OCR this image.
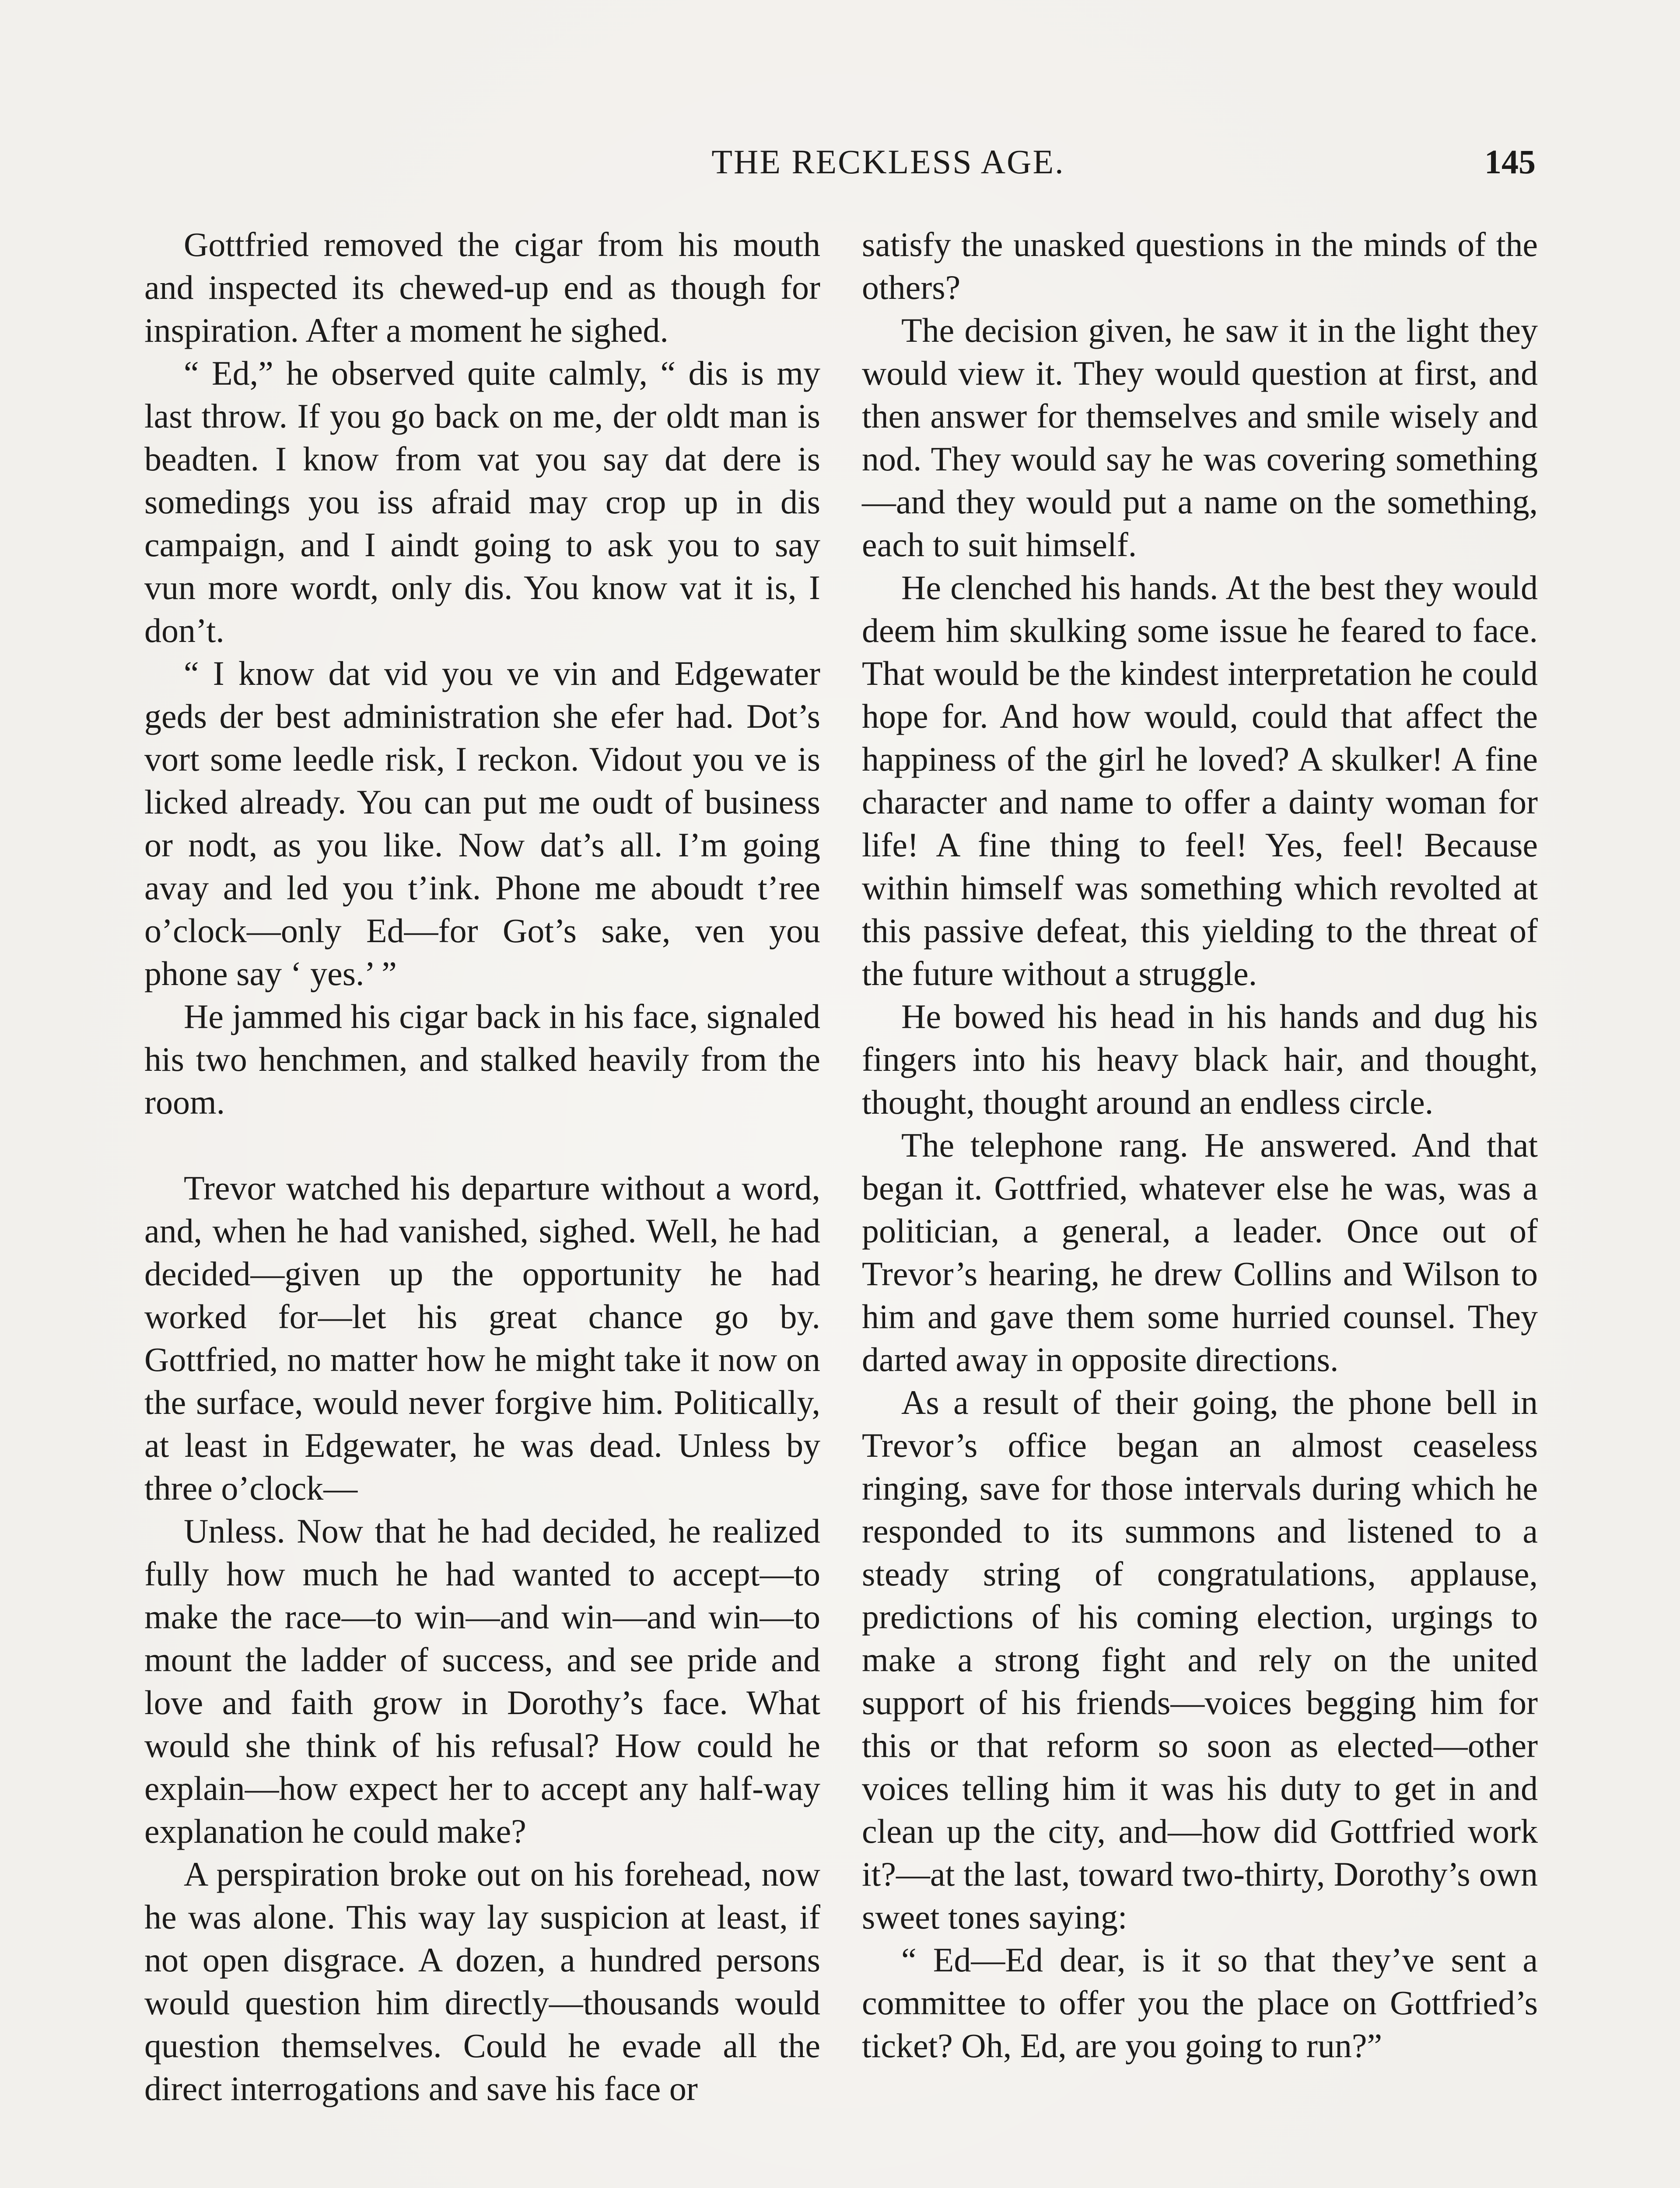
THE RECKLESS AGE.	145

Gottfried removed the cigar from his mouth and inspected its chewed-up end as though for inspiration. After a moment he sighed.

“ Ed,” he observed quite calmly, “ dis is my last throw. If you go back on me, der oldt man is beadten. I know from vat you say dat dere is somedings you iss afraid may crop up in dis campaign, and I aindt going to ask you to say vun more wordt, only dis. You know vat it is, I don’t.

“ I know dat vid you ve vin and Edgewater geds der best administration she efer had. Dot’s vort some leedle risk, I reckon. Vidout you ve is licked already. You can put me oudt of business or nodt, as you like. Now dat’s all. I’m going avay and led you t’ink. Phone me aboudt t’ree o’clock—only Ed—for Got’s sake, ven you phone say ‘ yes.’ ”

He jammed his cigar back in his face, signaled his two henchmen, and stalked heavily from the room.

Trevor watched his departure without a word, and, when he had vanished, sighed. Well, he had decided—given up the opportunity he had worked for—let his great chance go by. Gottfried, no matter how he might take it now on the surface, would never forgive him. Politically, at least in Edgewater, he was dead. Unless by three o’clock—

Unless. Now that he had decided, he realized fully how much he had wanted to accept—to make the race—to win—and win—and win—to mount the ladder of success, and see pride and love and faith grow in Dorothy’s face. What would she think of his refusal? How could he explain—how expect her to accept any half-way explanation he could make?

A perspiration broke out on his forehead, now he was alone. This way lay suspicion at least, if not open disgrace. A dozen, a hundred persons would question him directly—thousands would question themselves. Could he evade all the direct interrogations and save his face or

satisfy the unasked questions in the minds of the others?

The decision given, he saw it in the light they would view it. They would question at first, and then answer for themselves and smile wisely and nod. They would say he was covering something—and they would put a name on the something, each to suit himself.

He clenched his hands. At the best they would deem him skulking some issue he feared to face. That would be the kindest interpretation he could hope for. And how would, could that affect the happiness of the girl he loved? A skulker! A fine character and name to offer a dainty woman for life! A fine thing to feel! Yes, feel! Because within himself was something which revolted at this passive defeat, this yielding to the threat of the future without a struggle.

He bowed his head in his hands and dug his fingers into his heavy black hair, and thought, thought, thought around an endless circle.

The telephone rang. He answered. And that began it. Gottfried, whatever else he was, was a politician, a general, a leader. Once out of Trevor’s hearing, he drew Collins and Wilson to him and gave them some hurried counsel. They darted away in opposite directions.

As a result of their going, the phone bell in Trevor’s office began an almost ceaseless ringing, save for those intervals during which he responded to its summons and listened to a steady string of congratulations, applause, predictions of his coming election, urgings to make a strong fight and rely on the united support of his friends—voices begging him for this or that reform so soon as elected—other voices telling him it was his duty to get in and clean up the city, and—how did Gottfried work it?—at the last, toward two-thirty, Dorothy’s own sweet tones saying:

“ Ed—Ed dear, is it so that they’ve sent a committee to offer you the place on Gottfried’s ticket? Oh, Ed, are you going to run?”
